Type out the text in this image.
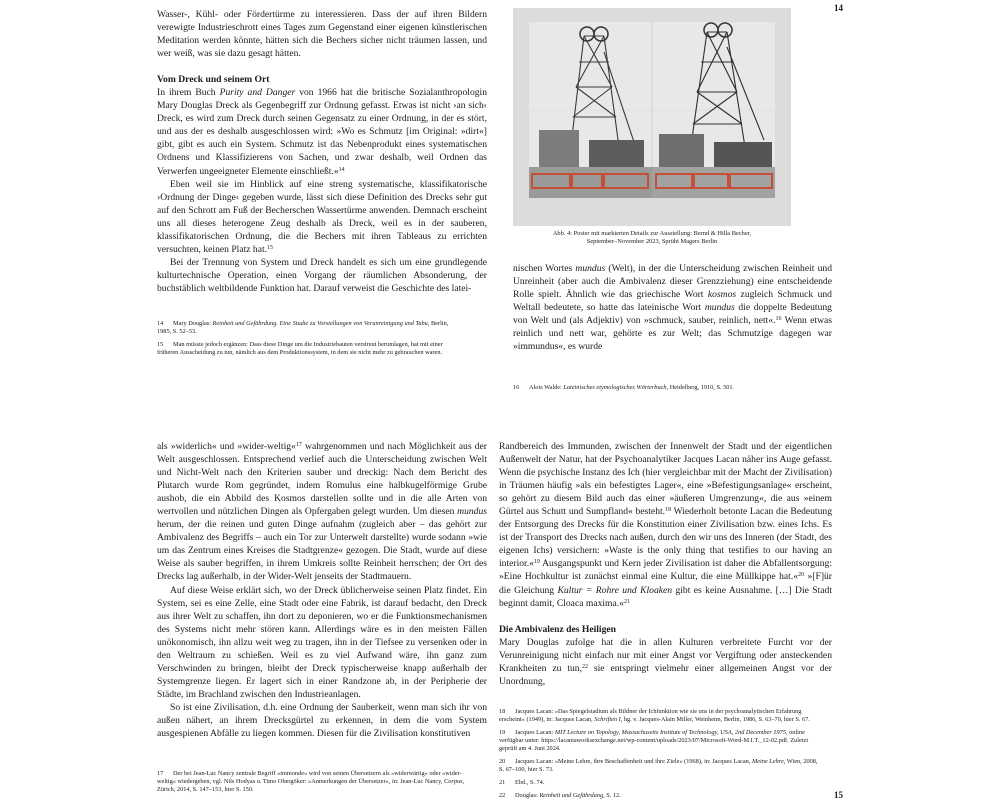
14
15

Wasser-, Kühl- oder Fördertürme zu interessieren. Dass der auf ihren Bildern verewigte Industrieschrott eines Tages zum Gegenstand einer eigenen künstlerischen Meditation werden könnte, hätten sich die Bechers sicher nicht träumen lassen, und wer weiß, was sie dazu gesagt hätten.

Vom Dreck und seinem Ort

In ihrem Buch Purity and Danger von 1966 hat die britische Sozialanthropologin Mary Douglas Dreck als Gegenbegriff zur Ordnung gefasst. Etwas ist nicht ›an sich‹ Dreck, es wird zum Dreck durch seinen Gegensatz zu einer Ordnung, in der es stört, und aus der es deshalb ausgeschlossen wird: »Wo es Schmutz [im Original: »dirt«] gibt, gibt es auch ein System. Schmutz ist das Nebenprodukt eines systematischen Ordnens und Klassifizierens von Sachen, und zwar deshalb, weil Ordnen das Verwerfen ungeeigneter Elemente einschließt.«$^{14}$

Eben weil sie im Hinblick auf eine streng systematische, klassifikatorische ›Ordnung der Dinge‹ gegeben wurde, lässt sich diese Definition des Drecks sehr gut auf den Schrott am Fuß der Becherschen Wassertürme anwenden. Demnach erscheint uns all dieses heterogene Zeug deshalb als Dreck, weil es in der sauberen, klassifikatorischen Ordnung, die die Bechers mit ihren Tableaus zu errichten versuchten, keinen Platz hat.$^{15}$

Bei der Trennung von System und Dreck handelt es sich um eine grundlegende kulturtechnische Operation, einen Vorgang der räumlichen Absonderung, der buchstäblich weltbildende Funktion hat. Darauf verweist die Geschichte des latei-

14 Mary Douglas: Reinheit und Gefährdung. Eine Studie zu Vorstellungen von Verunreinigung und Tabu, Berlin, 1985, S. 52–53.
15 Man müsste jedoch ergänzen: Dass diese Dinge um die Industriebauten verstreut herumlagen, hat mit einer früheren Ausscheidung zu tun, nämlich aus dem Produktionssystem, in dem sie nicht mehr zu gebrauchen waren.
Abb. 4: Poster mit markierten Details zur Ausstellung: Bernd & Hilla Becher,
September–November 2023, Sprüht Magers Berlin

nischen Wortes mundus (Welt), in der die Unterscheidung zwischen Reinheit und Unreinheit (aber auch die Ambivalenz dieser Grenzziehung) eine entscheidende Rolle spielt. Ähnlich wie das griechische Wort kosmos zugleich Schmuck und Weltall bedeutete, so hatte das lateinische Wort mundus die doppelte Bedeutung von Welt und (als Adjektiv) von »schmuck, sauber, reinlich, nett«.$^{16}$ Wenn etwas reinlich und nett war, gehörte es zur Welt; das Schmutzige dagegen war »immundus«, es wurde

16 Alois Walde: Lateinisches etymologisches Wörterbuch, Heidelberg, 1910, S. 501.

als »widerlich« und »wider-weltig«$^{17}$ wahrgenommen und nach Möglichkeit aus der Welt ausgeschlossen. Entsprechend verlief auch die Unterscheidung zwischen Welt und Nicht-Welt nach den Kriterien sauber und dreckig: Nach dem Bericht des Plutarch wurde Rom gegründet, indem Romulus eine halbkugelförmige Grube aushob, die ein Abbild des Kosmos darstellen sollte und in die alle Arten von wertvollen und nützlichen Dingen als Opfergaben gelegt wurden. Um diesen mundus herum, der die reinen und guten Dinge aufnahm (zugleich aber – das gehört zur Ambivalenz des Begriffs – auch ein Tor zur Unterwelt darstellte) wurde sodann »wie um das Zentrum eines Kreises die Stadtgrenze« gezogen. Die Stadt, wurde auf diese Weise als sauber begriffen, in ihrem Umkreis sollte Reinheit herrschen; der Ort des Drecks lag außerhalb, in der Wider-Welt jenseits der Stadtmauern.

Auf diese Weise erklärt sich, wo der Dreck üblicherweise seinen Platz findet. Ein System, sei es eine Zelle, eine Stadt oder eine Fabrik, ist darauf bedacht, den Dreck aus ihrer Welt zu schaffen, ihn dort zu deponieren, wo er die Funktionsmechanismen des Systems nicht mehr stören kann. Allerdings wäre es in den meisten Fällen unökonomisch, ihn allzu weit weg zu tragen, ihn in der Tiefsee zu versenken oder in den Weltraum zu schießen. Weil es zu viel Aufwand wäre, ihn ganz zum Verschwinden zu bringen, bleibt der Dreck typischerweise knapp außerhalb der Systemgrenze liegen. Er lagert sich in einer Randzone ab, in der Peripherie der Städte, im Brachland zwischen den Industrieanlagen.

So ist eine Zivilisation, d.h. eine Ordnung der Sauberkeit, wenn man sich ihr von außen nähert, an ihrem Drecksgürtel zu erkennen, in dem die vom System ausgespienen Abfälle zu liegen kommen. Diesen für die Zivilisation konstitutiven

17 Der bei Jean-Luc Nancy zentrale Begriff »immonde« wird von seinen Übersetzern als »widerwärtig« oder »wider-weltig« wiedergeben, vgl. Nils Hodyas u. Timo Obergöker: »Anmerkungen der Übersetzer«, in: Jean-Luc Nancy, Corpus, Zürich, 2014, S. 147–153, hier S. 150.

Randbereich des Immunden, zwischen der Innenwelt der Stadt und der eigentlichen Außenwelt der Natur, hat der Psychoanalytiker Jacques Lacan näher ins Auge gefasst. Wenn die psychische Instanz des Ich (hier vergleichbar mit der Macht der Zivilisation) in Träumen häufig »als ein befestigtes Lager«, eine »Befestigungsanlage« erscheint, so gehört zu diesem Bild auch das einer »äußeren Umgrenzung«, die aus »einem Gürtel aus Schutt und Sumpfland« besteht.$^{18}$ Wiederholt betonte Lacan die Bedeutung der Entsorgung des Drecks für die Konstitution einer Zivilisation bzw. eines Ichs. Es ist der Transport des Drecks nach außen, durch den wir uns des Inneren (der Stadt, des eigenen Ichs) versichern: »Waste is the only thing that testifies to our having an interior.«$^{19}$ Ausgangspunkt und Kern jeder Zivilisation ist daher die Abfallentsorgung: »Eine Hochkultur ist zunächst einmal eine Kultur, die eine Müllkippe hat.«$^{20}$ »[F]ür die Gleichung Kultur = Rohre und Kloaken gibt es keine Ausnahme. […] Die Stadt beginnt damit, Cloaca maxima.«$^{21}$

Die Ambivalenz des Heiligen

Mary Douglas zufolge hat die in allen Kulturen verbreitete Furcht vor der Verunreinigung nicht einfach nur mit einer Angst vor Vergiftung oder ansteckenden Krankheiten zu tun,$^{22}$ sie entspringt vielmehr einer allgemeinen Angst vor der Unordnung,

18 Jacques Lacan: »Das Spiegelstadium als Bildner der Ichfunktion wie sie uns in der psychoanalytischen Erfahrung erscheint« (1949), in: Jacques Lacan, Schriften I, hg. v. Jacques-Alain Miller, Weinheim, Berlin, 1986, S. 63–70, hier S. 67.
19 Jacques Lacan: MIT Lecture on Topology, Massachusetts Institute of Technology, USA, 2nd December 1975, online verfügbar unter: https://lacaniaworksexchange.net/wp-content/uploads/2023/07/Microsoft-Word-M.I.T._12-02.pdf. Zuletzt geprüft am 4. Juni 2024.
20 Jacques Lacan: »Meine Lehre, ihre Beschaffenheit und ihre Ziele« (1968), in: Jacques Lacan, Meine Lehre, Wien, 2008, S. 67–100, hier S. 73.
21 Ebd., S. 74.
22 Douglas: Reinheit und Gefährdung, S. 12.
